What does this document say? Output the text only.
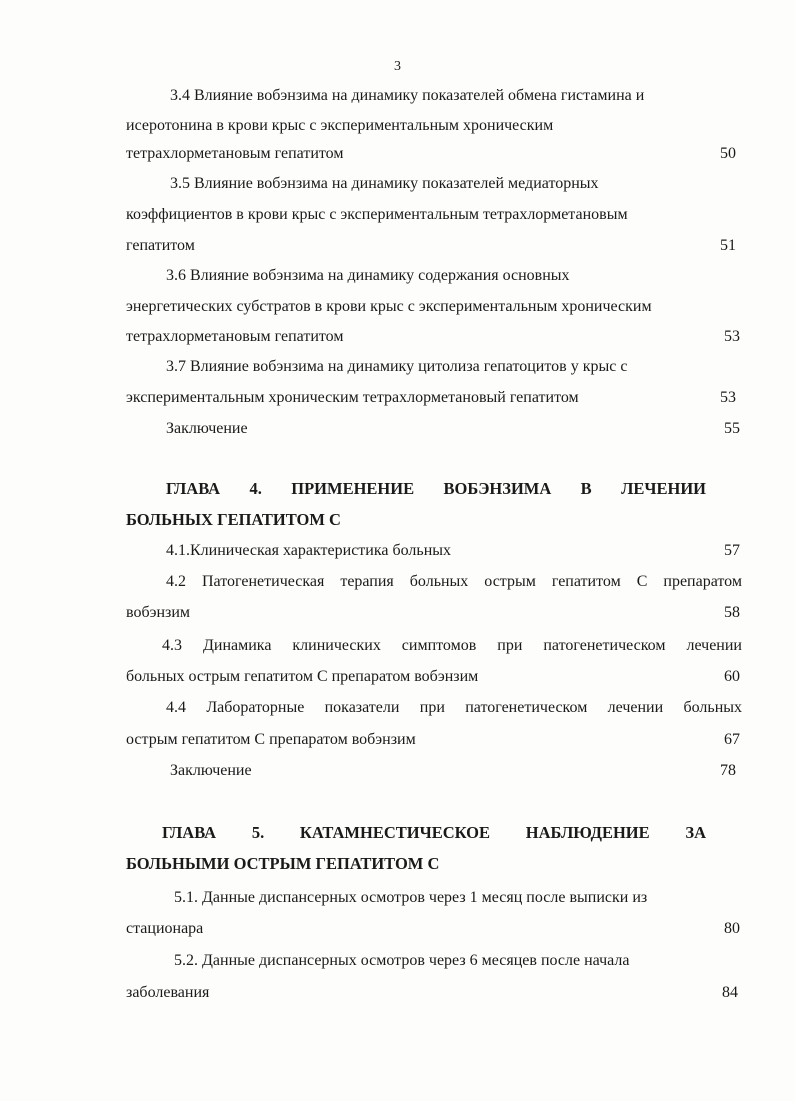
3
3.4 Влияние вобэнзима на динамику показателей обмена гистамина и
исеротонина в крови крыс с экспериментальным хроническим
тетрахлорметановым гепатитом	50
3.5 Влияние вобэнзима на динамику показателей медиаторных
коэффициентов в крови крыс с экспериментальным тетрахлорметановым
гепатитом	51
3.6 Влияние вобэнзима на динамику содержания основных
энергетических субстратов в крови крыс с экспериментальным хроническим
тетрахлорметановым гепатитом	53
3.7 Влияние вобэнзима на динамику цитолиза гепатоцитов у крыс с
экспериментальным хроническим тетрахлорметановый гепатитом	53
Заключение	55
ГЛАВА 4. ПРИМЕНЕНИЕ ВОБЭНЗИМА В ЛЕЧЕНИИ
БОЛЬНЫХ ГЕПАТИТОМ С
4.1.Клиническая характеристика больных	57
4.2 Патогенетическая терапия больных острым гепатитом С препаратом
вобэнзим	58
4.3 Динамика клинических симптомов при патогенетическом лечении
больных острым гепатитом С препаратом вобэнзим	60
4.4 Лабораторные показатели при патогенетическом лечении больных
острым гепатитом С препаратом вобэнзим	67
Заключение	78
ГЛАВА 5. КАТАМНЕСТИЧЕСКОЕ НАБЛЮДЕНИЕ ЗА
БОЛЬНЫМИ ОСТРЫМ ГЕПАТИТОМ С
5.1. Данные диспансерных осмотров через 1 месяц после выписки из
стационара	80
5.2. Данные диспансерных осмотров через 6 месяцев после начала
заболевания	84
